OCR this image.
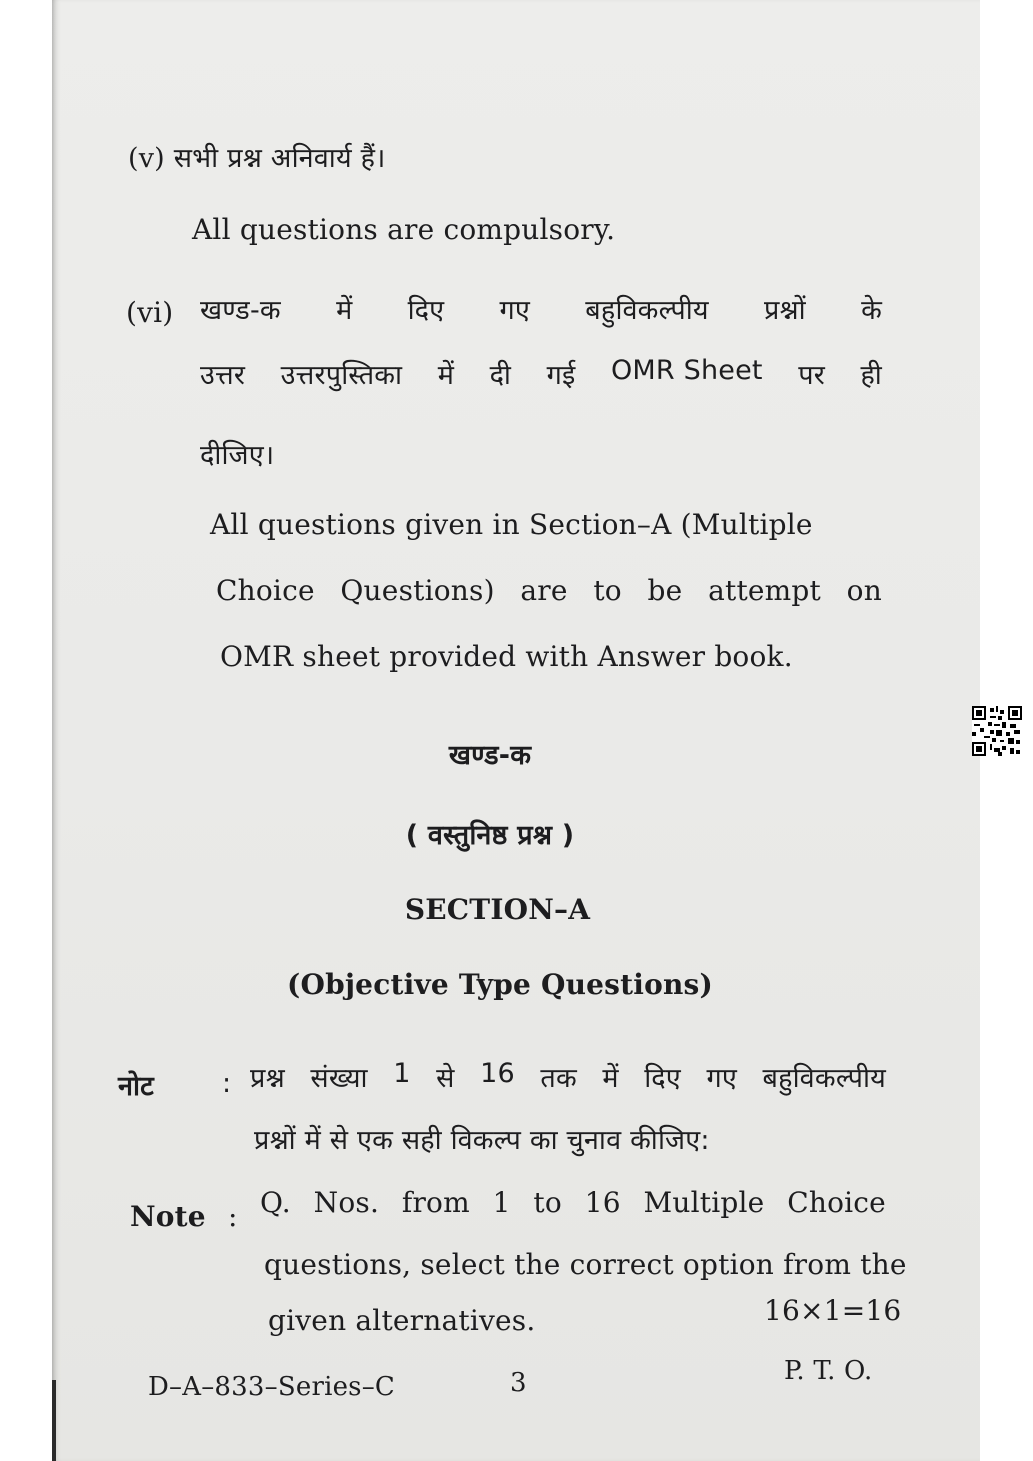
(v) सभी प्रश्न अनिवार्य हैं।
All questions are compulsory.
(vi) खण्ड-क में दिए गए बहुविकल्पीय प्रश्नों के
उत्तर उत्तरपुस्तिका में दी गई OMR Sheet पर ही
दीजिए।
All questions given in Section–A (Multiple
Choice Questions) are to be attempt on
OMR sheet provided with Answer book.
खण्ड-क
( वस्तुनिष्ठ प्रश्न )
SECTION–A
(Objective Type Questions)
नोट	: प्रश्न संख्या 1 से 16 तक में दिए गए बहुविकल्पीय
प्रश्नों में से एक सही विकल्प का चुनाव कीजिए:
Note : Q. Nos. from 1 to 16 Multiple Choice
questions, select the correct option from the
given alternatives.	16×1=16
D–A–833–Series–C	3	P. T. O.
